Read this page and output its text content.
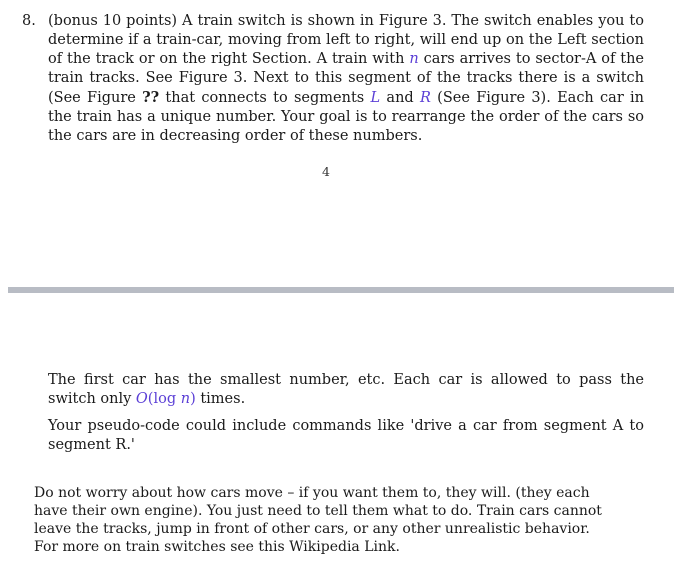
8. (bonus 10 points) A train switch is shown in Figure 3. The switch enables you to determine if a train-car, moving from left to right, will end up on the Left section of the track or on the right Section. A train with n cars arrives to sector-A of the train tracks. See Figure 3. Next to this segment of the tracks there is a switch (See Figure ?? that connects to segments L and R (See Figure 3). Each car in the train has a unique number. Your goal is to rearrange the order of the cars so the cars are in decreasing order of these numbers.
4

The first car has the smallest number, etc. Each car is allowed to pass the switch only O(log n) times.

Your pseudo-code could include commands like 'drive a car from segment A to segment R.'

Do not worry about how cars move – if you want them to, they will. (they each have their own engine). You just need to tell them what to do. Train cars cannot leave the tracks, jump in front of other cars, or any other unrealistic behavior. For more on train switches see this Wikipedia Link.
